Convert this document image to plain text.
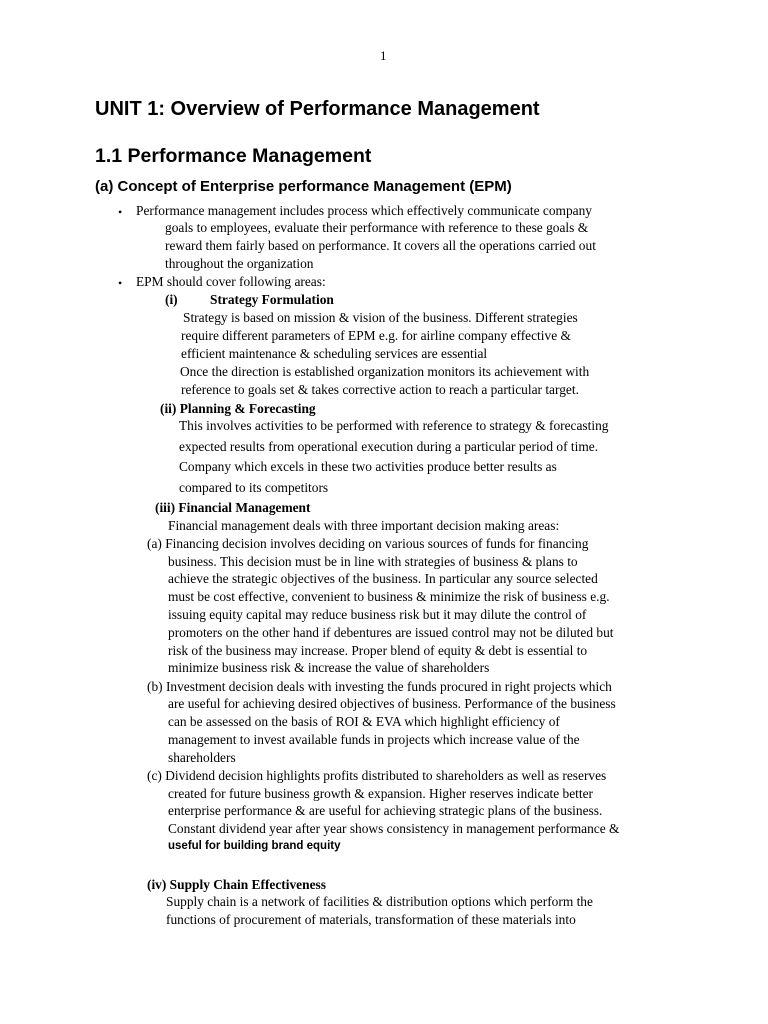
1
UNIT 1: Overview of Performance Management
1.1 Performance Management
(a) Concept of Enterprise performance Management (EPM)
• Performance management includes process which effectively communicate company
goals to employees, evaluate their performance with reference to these goals &
reward them fairly based on performance. It covers all the operations carried out
throughout the organization
• EPM should cover following areas:
(i) Strategy Formulation
Strategy is based on mission & vision of the business. Different strategies
require different parameters of EPM e.g. for airline company effective &
efficient maintenance & scheduling services are essential
Once the direction is established organization monitors its achievement with
reference to goals set & takes corrective action to reach a particular target.
(ii) Planning & Forecasting
This involves activities to be performed with reference to strategy & forecasting
expected results from operational execution during a particular period of time.
Company which excels in these two activities produce better results as
compared to its competitors
(iii) Financial Management
Financial management deals with three important decision making areas:
(a) Financing decision involves deciding on various sources of funds for financing
business. This decision must be in line with strategies of business & plans to
achieve the strategic objectives of the business. In particular any source selected
must be cost effective, convenient to business & minimize the risk of business e.g.
issuing equity capital may reduce business risk but it may dilute the control of
promoters on the other hand if debentures are issued control may not be diluted but
risk of the business may increase. Proper blend of equity & debt is essential to
minimize business risk & increase the value of shareholders
(b) Investment decision deals with investing the funds procured in right projects which
are useful for achieving desired objectives of business. Performance of the business
can be assessed on the basis of ROI & EVA which highlight efficiency of
management to invest available funds in projects which increase value of the
shareholders
(c) Dividend decision highlights profits distributed to shareholders as well as reserves
created for future business growth & expansion. Higher reserves indicate better
enterprise performance & are useful for achieving strategic plans of the business.
Constant dividend year after year shows consistency in management performance &
useful for building brand equity
(iv) Supply Chain Effectiveness
Supply chain is a network of facilities & distribution options which perform the
functions of procurement of materials, transformation of these materials into
